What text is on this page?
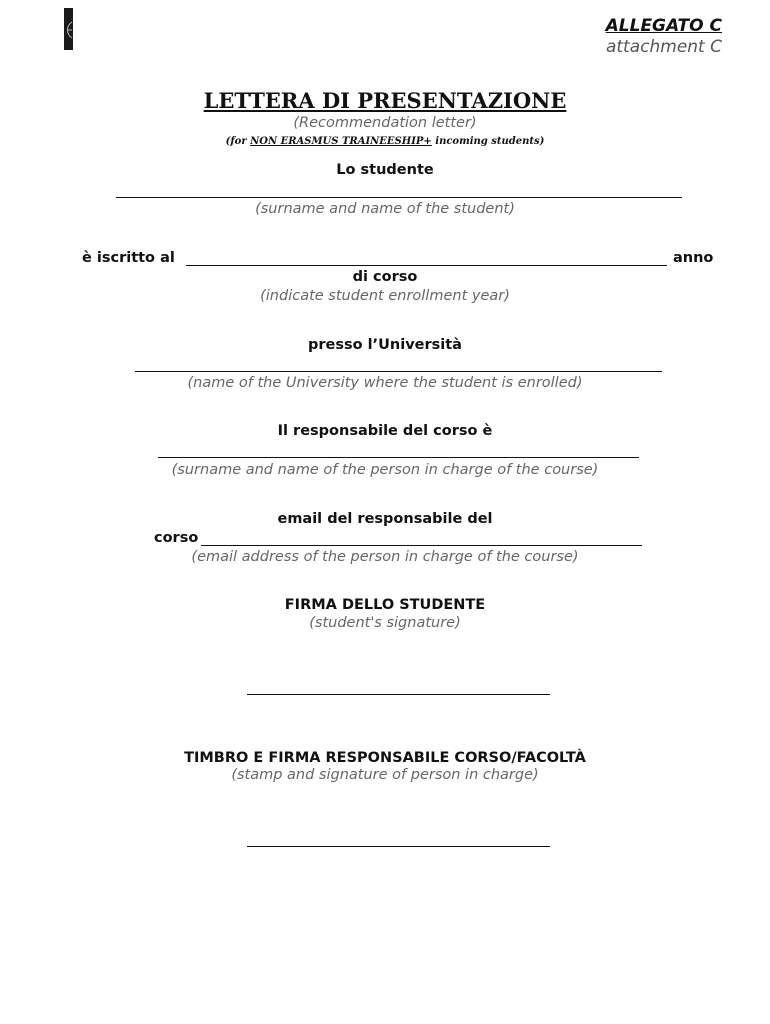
ALLEGATO C
attachment C
LETTERA DI PRESENTAZIONE
(Recommendation letter)
(for NON ERASMUS TRAINEESHIP+ incoming students)
Lo studente
(surname and name of the student)
è iscritto al	anno
di corso
(indicate student enrollment year)
presso l’Università
(name of the University where the student is enrolled)
Il responsabile del corso è
(surname and name of the person in charge of the course)
email del responsabile del
corso
(email address of the person in charge of the course)
FIRMA DELLO STUDENTE
(student's signature)
TIMBRO E FIRMA RESPONSABILE CORSO/FACOLTÀ
(stamp and signature of person in charge)
